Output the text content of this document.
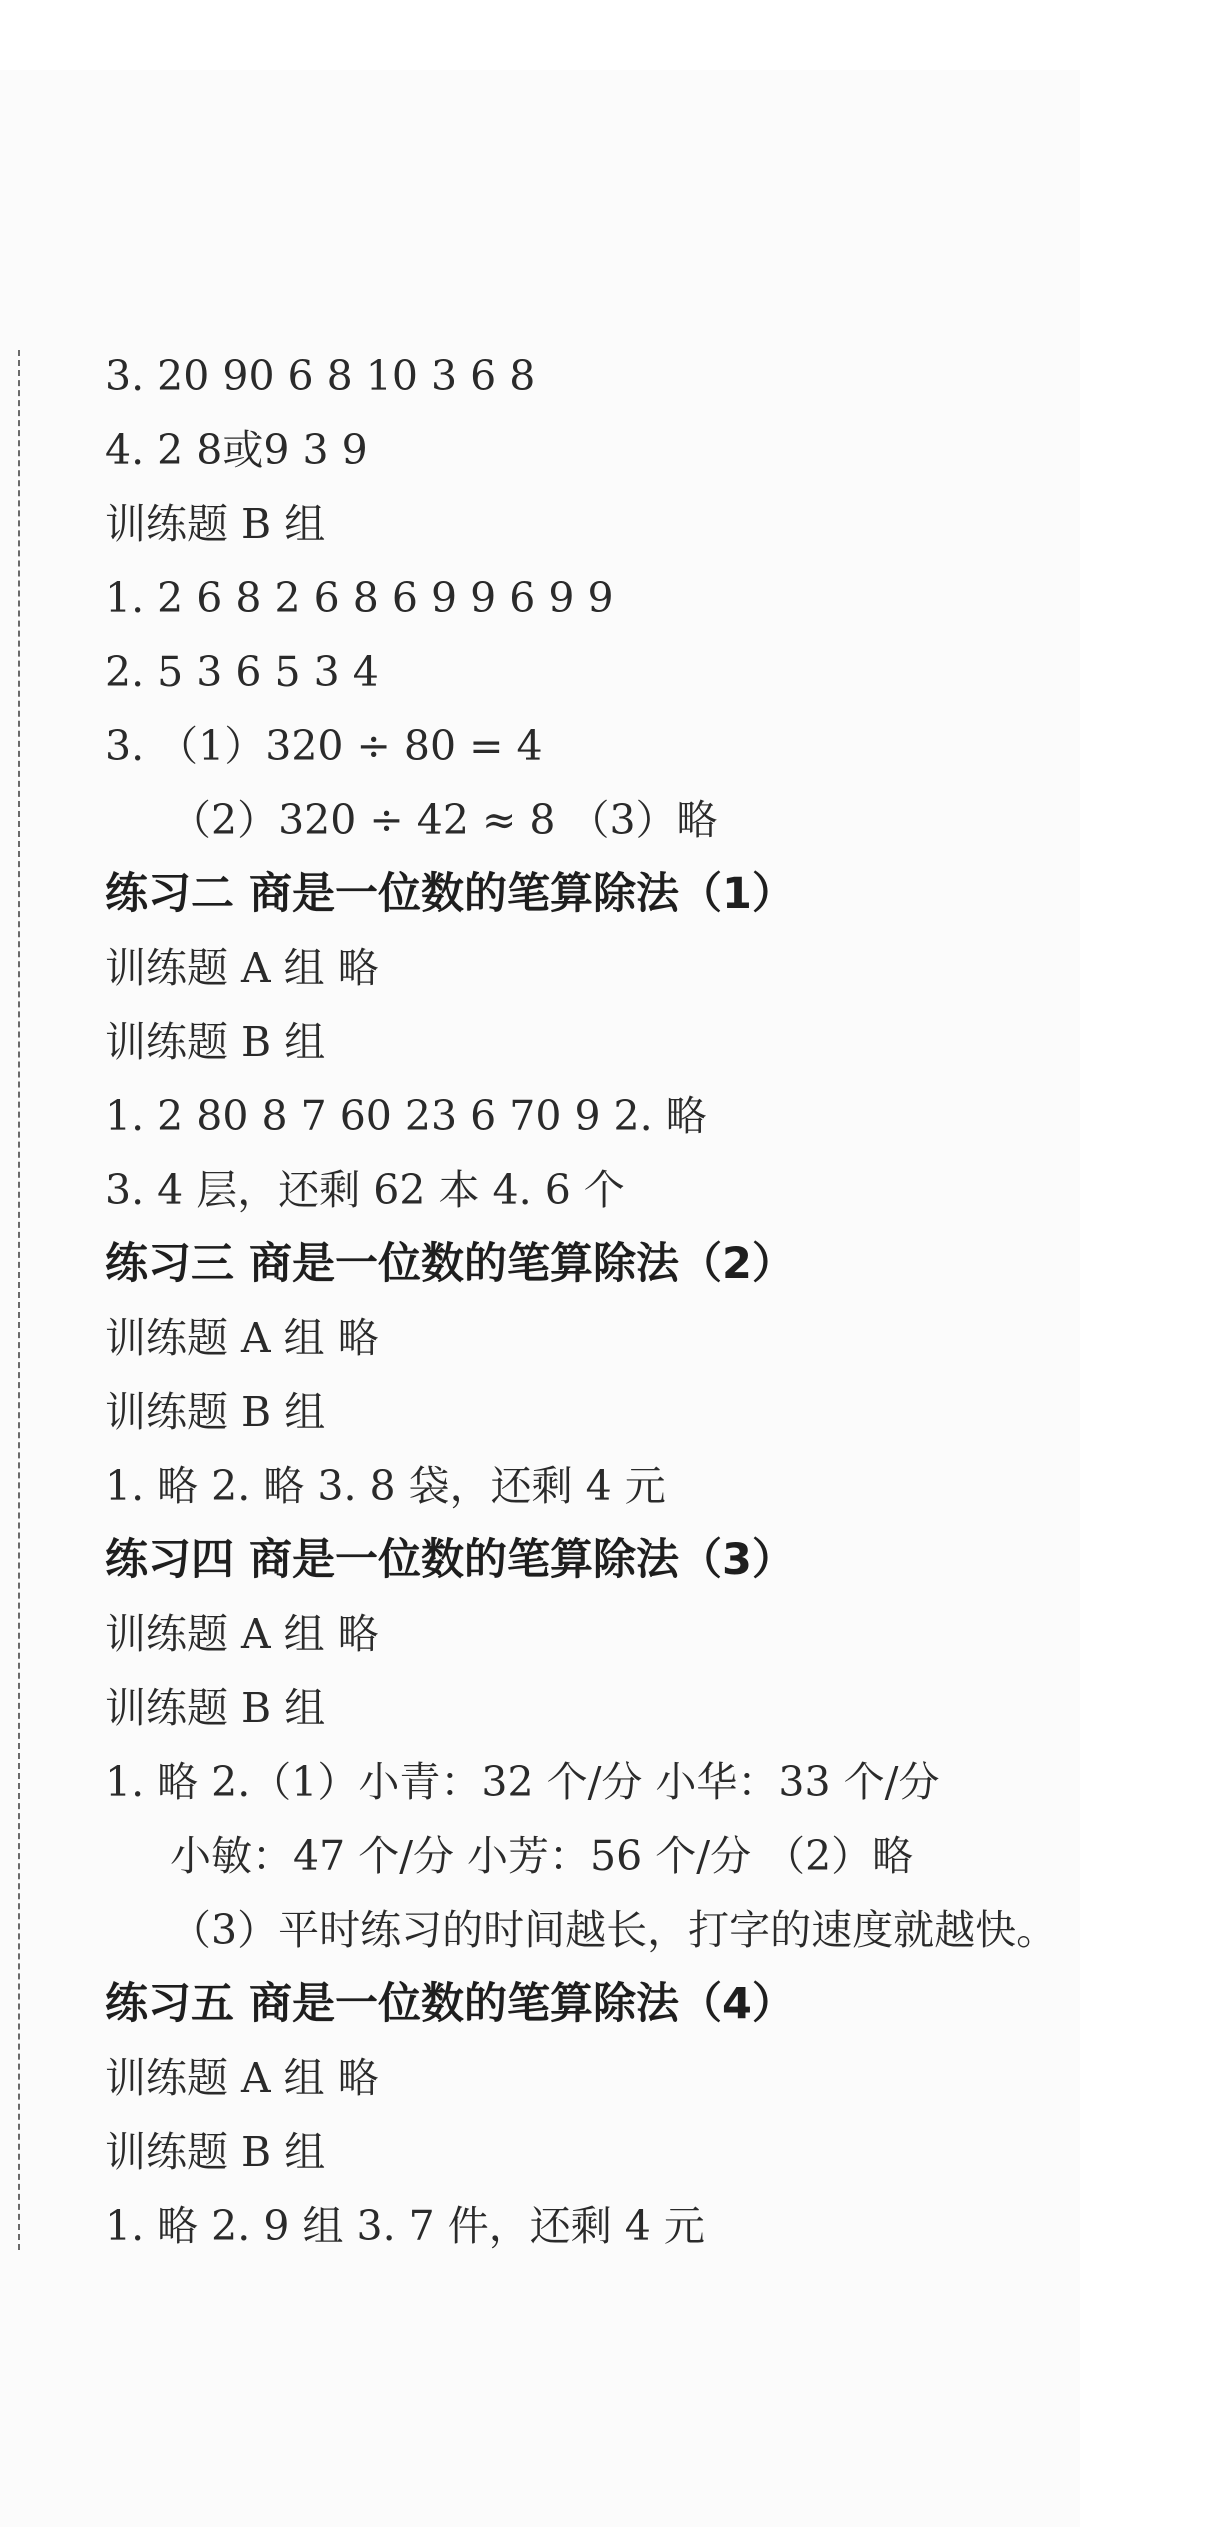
3. 20 90 6 8 10 3 6 8
4. 2 8或9 3 9
训练题 B 组
1. 2 6 8 2 6 8 6 9 9 6 9 9
2. 5 3 6 5 3 4
3. （1）320 ÷ 80 = 4
（2）320 ÷ 42 ≈ 8 （3）略
练习二 商是一位数的笔算除法（1）
训练题 A 组 略
训练题 B 组
1. 2 80 8 7 60 23 6 70 9 2. 略
3. 4 层，还剩 62 本 4. 6 个
练习三 商是一位数的笔算除法（2）
训练题 A 组 略
训练题 B 组
1. 略 2. 略 3. 8 袋，还剩 4 元
练习四 商是一位数的笔算除法（3）
训练题 A 组 略
训练题 B 组
1. 略 2.（1）小青：32 个/分 小华：33 个/分
小敏：47 个/分 小芳：56 个/分 （2）略
（3）平时练习的时间越长，打字的速度就越快。
练习五 商是一位数的笔算除法（4）
训练题 A 组 略
训练题 B 组
1. 略 2. 9 组 3. 7 件，还剩 4 元
